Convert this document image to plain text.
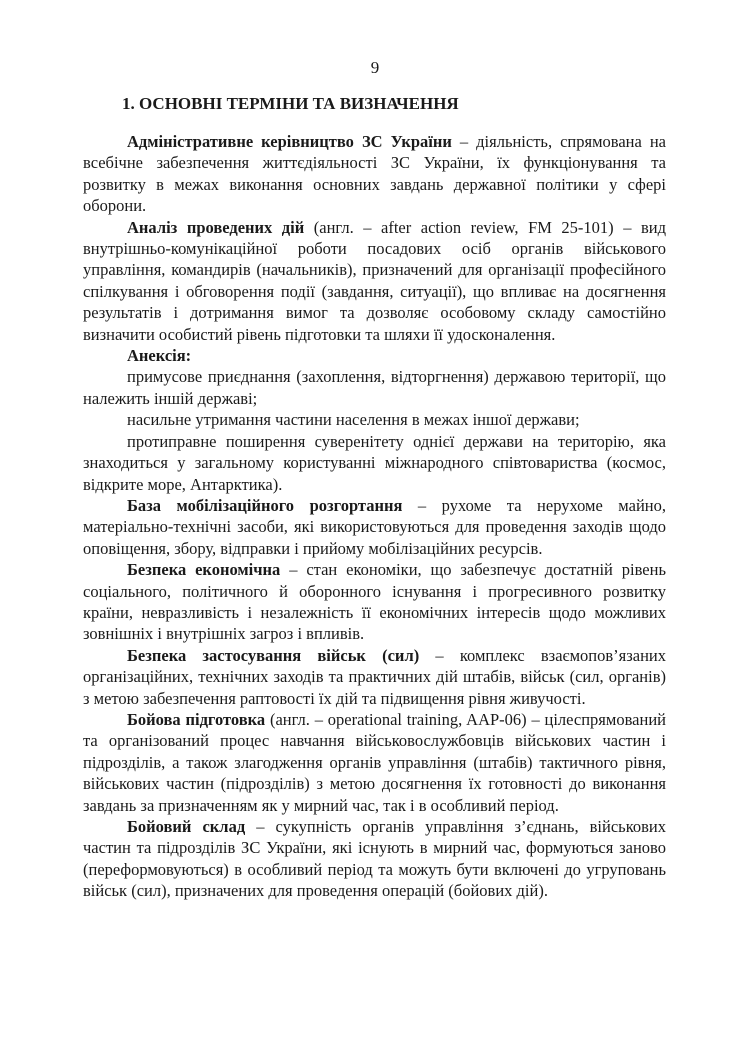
9
1. ОСНОВНІ ТЕРМІНИ ТА ВИЗНАЧЕННЯ

Адміністративне керівництво ЗС України – діяльність, спрямована на всебічне забезпечення життєдіяльності ЗС України, їх функціонування та розвитку в межах виконання основних завдань державної політики у сфері оборони.

Аналіз проведених дій (англ. – after action review, FM 25-101) – вид внутрішньо-комунікаційної роботи посадових осіб органів військового управління, командирів (начальників), призначений для організації професійного спілкування і обговорення події (завдання, ситуації), що впливає на досягнення результатів і дотримання вимог та дозволяє особовому складу самостійно визначити особистий рівень підготовки та шляхи її удосконалення.

Анексія:

примусове приєднання (захоплення, відторгнення) державою території, що належить іншій державі;

насильне утримання частини населення в межах іншої держави;

протиправне поширення суверенітету однієї держави на територію, яка знаходиться у загальному користуванні міжнародного співтовариства (космос, відкрите море, Антарктика).

База мобілізаційного розгортання – рухоме та нерухоме майно, матеріально-технічні засоби, які використовуються для проведення заходів щодо оповіщення, збору, відправки і прийому мобілізаційних ресурсів.

Безпека економічна – стан економіки, що забезпечує достатній рівень соціального, політичного й оборонного існування і прогресивного розвитку країни, невразливість і незалежність її економічних інтересів щодо можливих зовнішніх і внутрішніх загроз і впливів.

Безпека застосування військ (сил) – комплекс взаємопов’язаних організаційних, технічних заходів та практичних дій штабів, військ (сил, органів) з метою забезпечення раптовості їх дій та підвищення рівня живучості.

Бойова підготовка (англ. – operational training, AAP-06) – цілеспрямований та організований процес навчання військовослужбовців військових частин і підрозділів, а також злагодження органів управління (штабів) тактичного рівня, військових частин (підрозділів) з метою досягнення їх готовності до виконання завдань за призначенням як у мирний час, так і в особливий період.

Бойовий склад – сукупність органів управління з’єднань, військових частин та підрозділів ЗС України, які існують в мирний час, формуються заново (переформовуються) в особливий період та можуть бути включені до угруповань військ (сил), призначених для проведення операцій (бойових дій).
